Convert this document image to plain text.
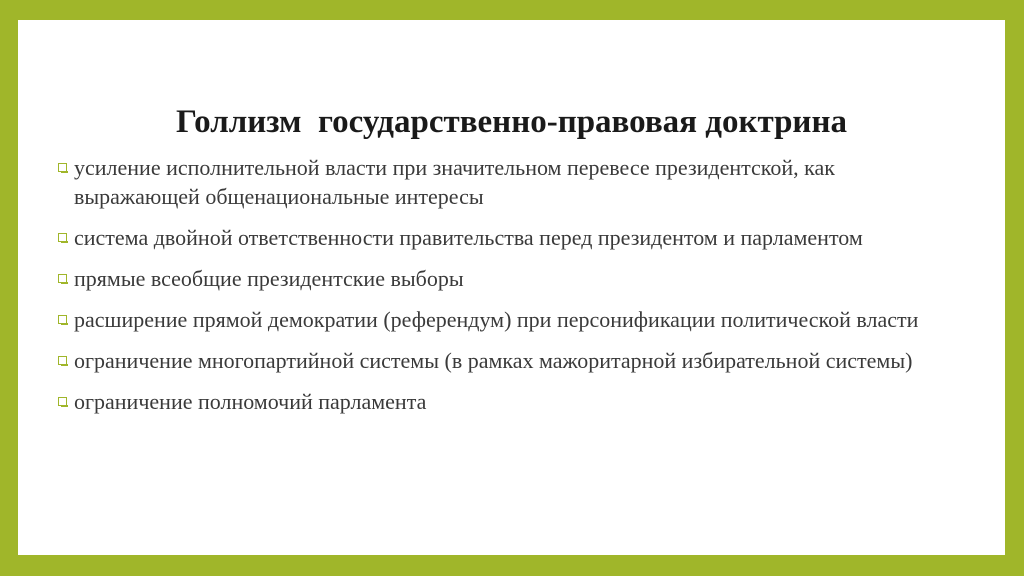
Голлизм  государственно-правовая доктрина
усиление исполнительной власти при значительном перевесе президентской, как выражающей общенациональные интересы
система двойной ответственности правительства перед президентом и парламентом
прямые всеобщие президентские выборы
расширение прямой демократии (референдум) при персонификации политической власти
ограничение многопартийной системы (в рамках мажоритарной избирательной системы)
ограничение полномочий парламента
